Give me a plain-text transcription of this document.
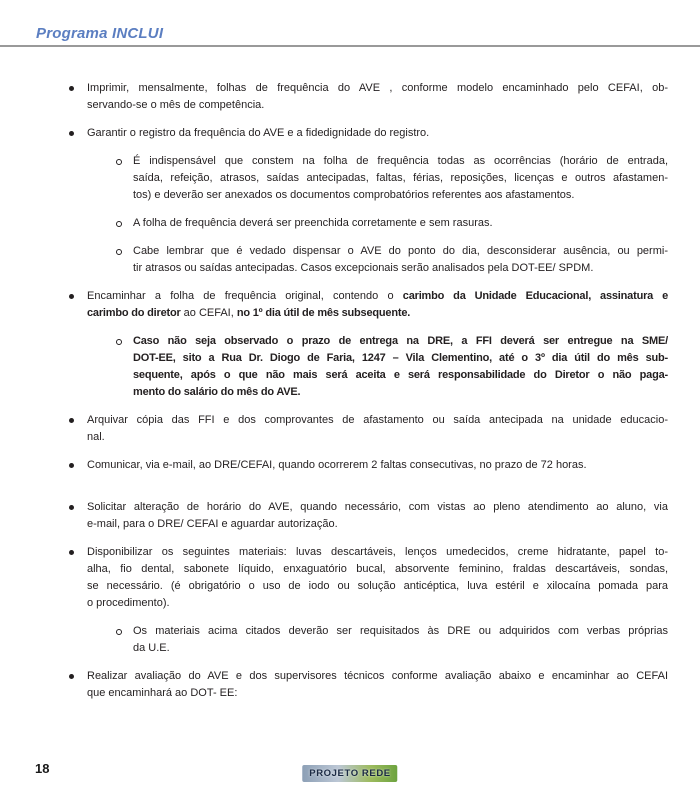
Programa INCLUI
Imprimir, mensalmente, folhas de frequência do AVE , conforme modelo encaminhado pelo CEFAI, ob-
servando-se o mês de competência.
Garantir o registro da frequência do AVE e a fidedignidade do registro.
É indispensável que constem na folha de frequência todas as ocorrências (horário de entrada,
saída, refeição, atrasos, saídas antecipadas, faltas, férias, reposições, licenças e outros afastamen-
tos) e deverão ser anexados os documentos comprobatórios referentes aos afastamentos.
A folha de frequência deverá ser preenchida corretamente e sem rasuras.
Cabe lembrar que é vedado dispensar o AVE do ponto do dia, desconsiderar ausência, ou permi-
tir atrasos ou saídas antecipadas. Casos excepcionais serão analisados pela DOT-EE/ SPDM.
Encaminhar a folha de frequência original, contendo o carimbo da Unidade Educacional, assinatura e
carimbo do diretor ao CEFAI, no 1º dia útil de mês subsequente.
Caso não seja observado o prazo de entrega na DRE, a FFI deverá ser entregue na SME/
DOT-EE, sito a Rua Dr. Diogo de Faria, 1247 – Vila Clementino, até o 3º dia útil do mês sub-
sequente, após o que não mais será aceita e será responsabilidade do Diretor o não paga-
mento do salário do mês do AVE.
Arquivar cópia das FFI e dos comprovantes de afastamento ou saída antecipada na unidade educacio-
nal.
Comunicar, via e-mail, ao DRE/CEFAI, quando ocorrerem 2 faltas consecutivas, no prazo de 72 horas.
Solicitar alteração de horário do AVE, quando necessário, com vistas ao pleno atendimento ao aluno, via
e-mail, para o DRE/ CEFAI e aguardar autorização.
Disponibilizar os seguintes materiais: luvas descartáveis, lenços umedecidos, creme hidratante, papel to-
alha, fio dental, sabonete líquido, enxaguatório bucal, absorvente feminino, fraldas descartáveis, sondas,
se necessário. (é obrigatório o uso de iodo ou solução anticéptica, luva estéril e xilocaína pomada para
o procedimento).
Os materiais acima citados deverão ser requisitados às DRE ou adquiridos com verbas próprias
da U.E.
Realizar avaliação do AVE e dos supervisores técnicos conforme avaliação abaixo e encaminhar ao CEFAI
que encaminhará ao DOT- EE:
18	PROJETO REDE
